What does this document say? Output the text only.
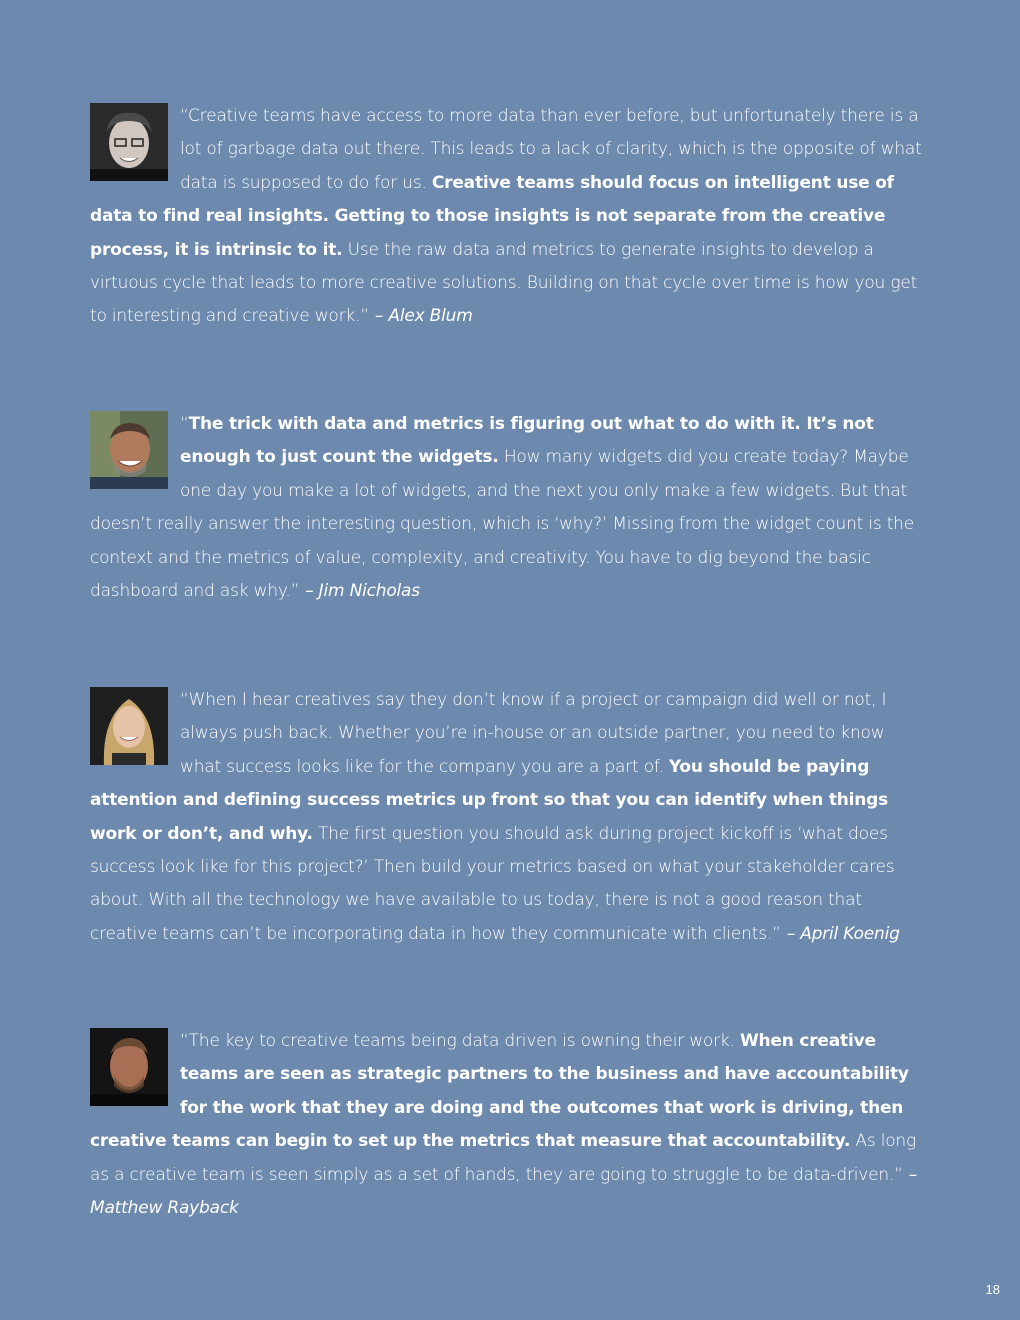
“Creative teams have access to more data than ever before, but unfortunately there is a lot of garbage data out there. This leads to a lack of clarity, which is the opposite of what data is supposed to do for us. Creative teams should focus on intelligent use of data to find real insights. Getting to those insights is not separate from the creative process, it is intrinsic to it. Use the raw data and metrics to generate insights to develop a virtuous cycle that leads to more creative solutions. Building on that cycle over time is how you get to interesting and creative work.” – Alex Blum

“The trick with data and metrics is figuring out what to do with it. It’s not enough to just count the widgets. How many widgets did you create today? Maybe one day you make a lot of widgets, and the next you only make a few widgets. But that doesn’t really answer the interesting question, which is ‘why?’ Missing from the widget count is the context and the metrics of value, complexity, and creativity. You have to dig beyond the basic dashboard and ask why.” – Jim Nicholas

“When I hear creatives say they don’t know if a project or campaign did well or not, I always push back. Whether you’re in-house or an outside partner, you need to know what success looks like for the company you are a part of. You should be paying attention and defining success metrics up front so that you can identify when things work or don’t, and why. The first question you should ask during project kickoff is ‘what does success look like for this project?’ Then build your metrics based on what your stakeholder cares about. With all the technology we have available to us today, there is not a good reason that creative teams can’t be incorporating data in how they communicate with clients.” – April Koenig

“The key to creative teams being data driven is owning their work. When creative teams are seen as strategic partners to the business and have accountability for the work that they are doing and the outcomes that work is driving, then creative teams can begin to set up the metrics that measure that accountability. As long as a creative team is seen simply as a set of hands, they are going to struggle to be data-driven.” – Matthew Rayback

18
